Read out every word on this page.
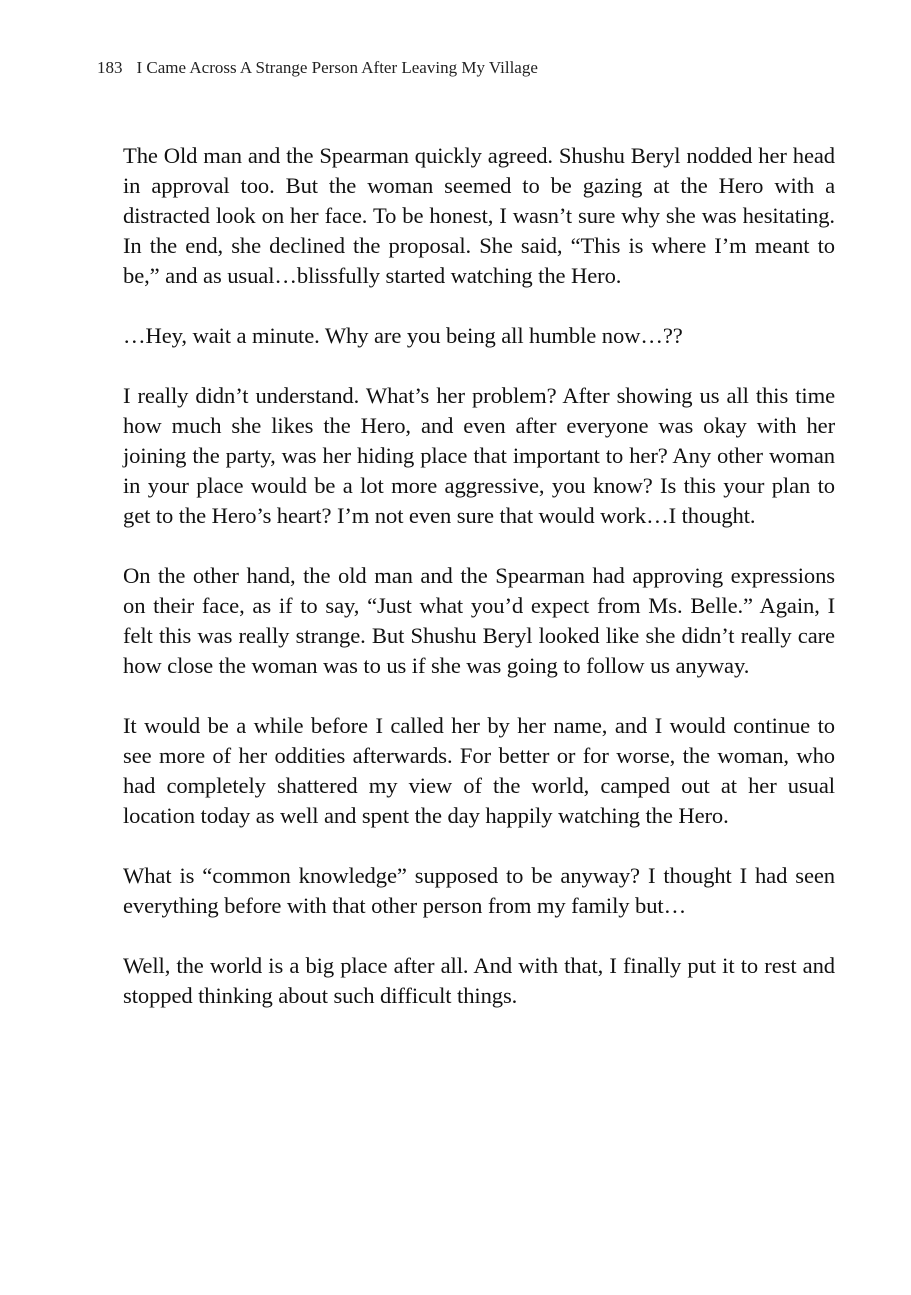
183 I Came Across A Strange Person After Leaving My Village

The Old man and the Spearman quickly agreed. Shushu Beryl nodded her head in approval too. But the woman seemed to be gazing at the Hero with a distracted look on her face. To be honest, I wasn’t sure why she was hesitating. In the end, she declined the proposal. She said, “This is where I’m meant to be,” and as usual…blissfully started watching the Hero.

…Hey, wait a minute. Why are you being all humble now…??

I really didn’t understand. What’s her problem? After showing us all this time how much she likes the Hero, and even after everyone was okay with her joining the party, was her hiding place that important to her? Any other woman in your place would be a lot more aggressive, you know? Is this your plan to get to the Hero’s heart? I’m not even sure that would work…I thought.

On the other hand, the old man and the Spearman had approving expressions on their face, as if to say, “Just what you’d expect from Ms. Belle.” Again, I felt this was really strange. But Shushu Beryl looked like she didn’t really care how close the woman was to us if she was going to follow us anyway.

It would be a while before I called her by her name, and I would continue to see more of her oddities afterwards. For better or for worse, the woman, who had completely shattered my view of the world, camped out at her usual location today as well and spent the day happily watching the Hero.

What is “common knowledge” supposed to be anyway? I thought I had seen everything before with that other person from my family but…

Well, the world is a big place after all. And with that, I finally put it to rest and stopped thinking about such difficult things.
